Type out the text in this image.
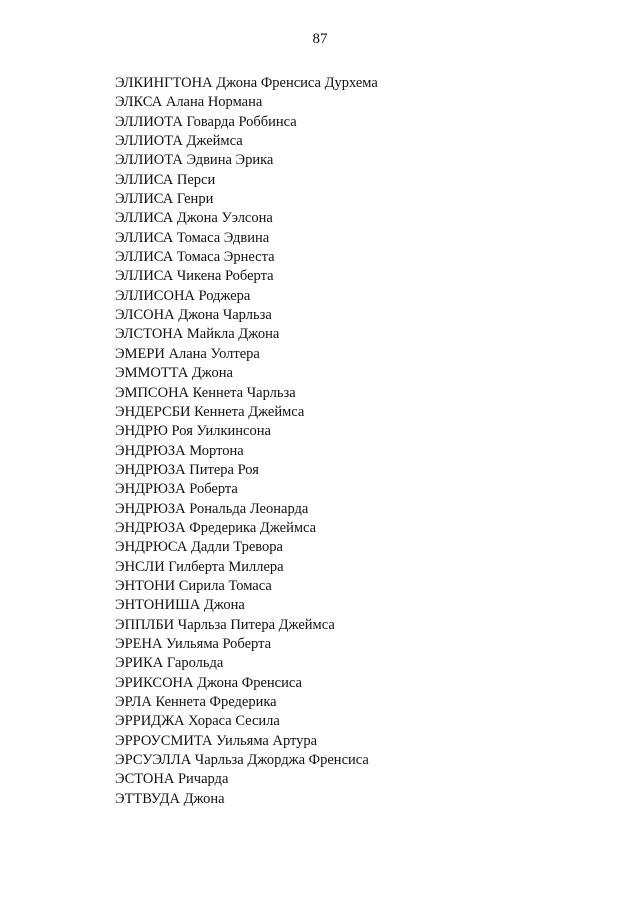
87
ЭЛКИНГТОНА Джона Френсиса Дурхема
ЭЛКСА Алана Нормана
ЭЛЛИОТА Говарда Роббинса
ЭЛЛИОТА Джеймса
ЭЛЛИОТА Эдвина Эрика
ЭЛЛИСА Перси
ЭЛЛИСА Генри
ЭЛЛИСА Джона Уэлсона
ЭЛЛИСА Томаса Эдвина
ЭЛЛИСА Томаса Эрнеста
ЭЛЛИСА Чикена Роберта
ЭЛЛИСОНА Роджера
ЭЛСОНА Джона Чарльза
ЭЛСТОНА Майкла Джона
ЭМЕРИ Алана Уолтера
ЭММОТТА Джона
ЭМПСОНА Кеннета Чарльза
ЭНДЕРСБИ Кеннета Джеймса
ЭНДРЮ Роя Уилкинсона
ЭНДРЮЗА Мортона
ЭНДРЮЗА Питера Роя
ЭНДРЮЗА Роберта
ЭНДРЮЗА Рональда Леонарда
ЭНДРЮЗА Фредерика Джеймса
ЭНДРЮСА Дадли Тревора
ЭНСЛИ Гилберта Миллера
ЭНТОНИ Сирила Томаса
ЭНТОНИША Джона
ЭППЛБИ Чарльза Питера Джеймса
ЭРЕНА Уильяма Роберта
ЭРИКА Гарольда
ЭРИКСОНА Джона Френсиса
ЭРЛА Кеннета Фредерика
ЭРРИДЖА Хораса Сесила
ЭРРОУСМИТА Уильяма Артура
ЭРСУЭЛЛА Чарльза Джорджа Френсиса
ЭСТОНА Ричарда
ЭТТВУДА Джона
